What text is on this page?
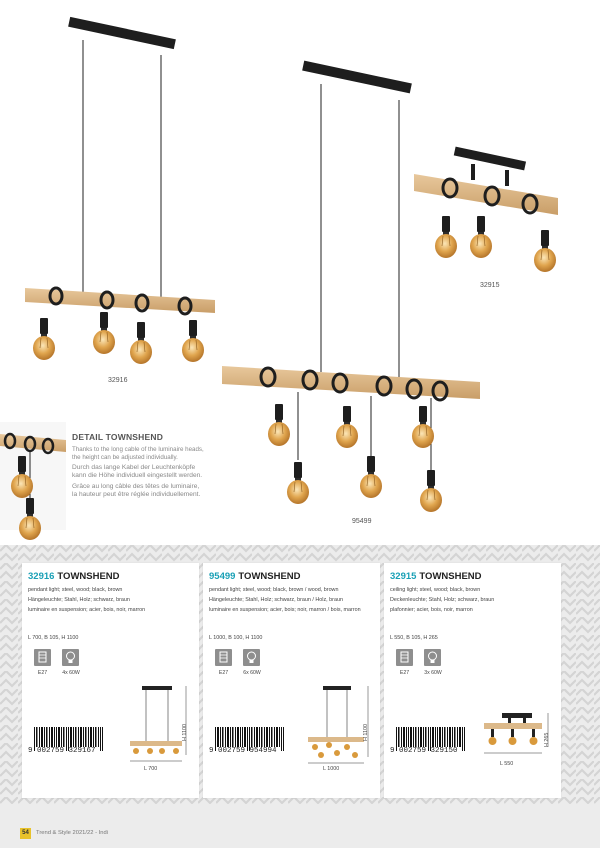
32916
95499
32915
DETAIL TOWNSHEND
Thanks to the long cable of the luminaire heads,
the height can be adjusted individually.
Durch das lange Kabel der Leuchtenköpfe
kann die Höhe individuell eingestellt werden.
Grâce au long câble des têtes de luminaire,
la hauteur peut être réglée individuellement.
32916 TOWNSHEND
pendant light; steel, wood; black, brown
Hängeleuchte; Stahl, Holz; schwarz, braun
luminaire en suspension; acier, bois, noir, marron
L 700, B 105, H 1100
E27	4x 60W
9 002759 329167
L 700
H 1100
95499 TOWNSHEND
pendant light; steel, wood; black, brown / wood, brown
Hängeleuchte; Stahl, Holz; schwarz, braun / Holz, braun
luminaire en suspension; acier, bois; noir, marron / bois, marron
L 1000, B 100, H 1100
E27	6x 60W
9 002759 954994
L 1000
H 1100
32915 TOWNSHEND
ceiling light; steel, wood; black, brown
Deckenleuchte; Stahl, Holz; schwarz, braun
plafonnier; acier, bois, noir, marron
L 550, B 105, H 265
E27	3x 60W
9 002759 329150
L 550
H 265
54	Trend & Style 2021/22 - Indi
